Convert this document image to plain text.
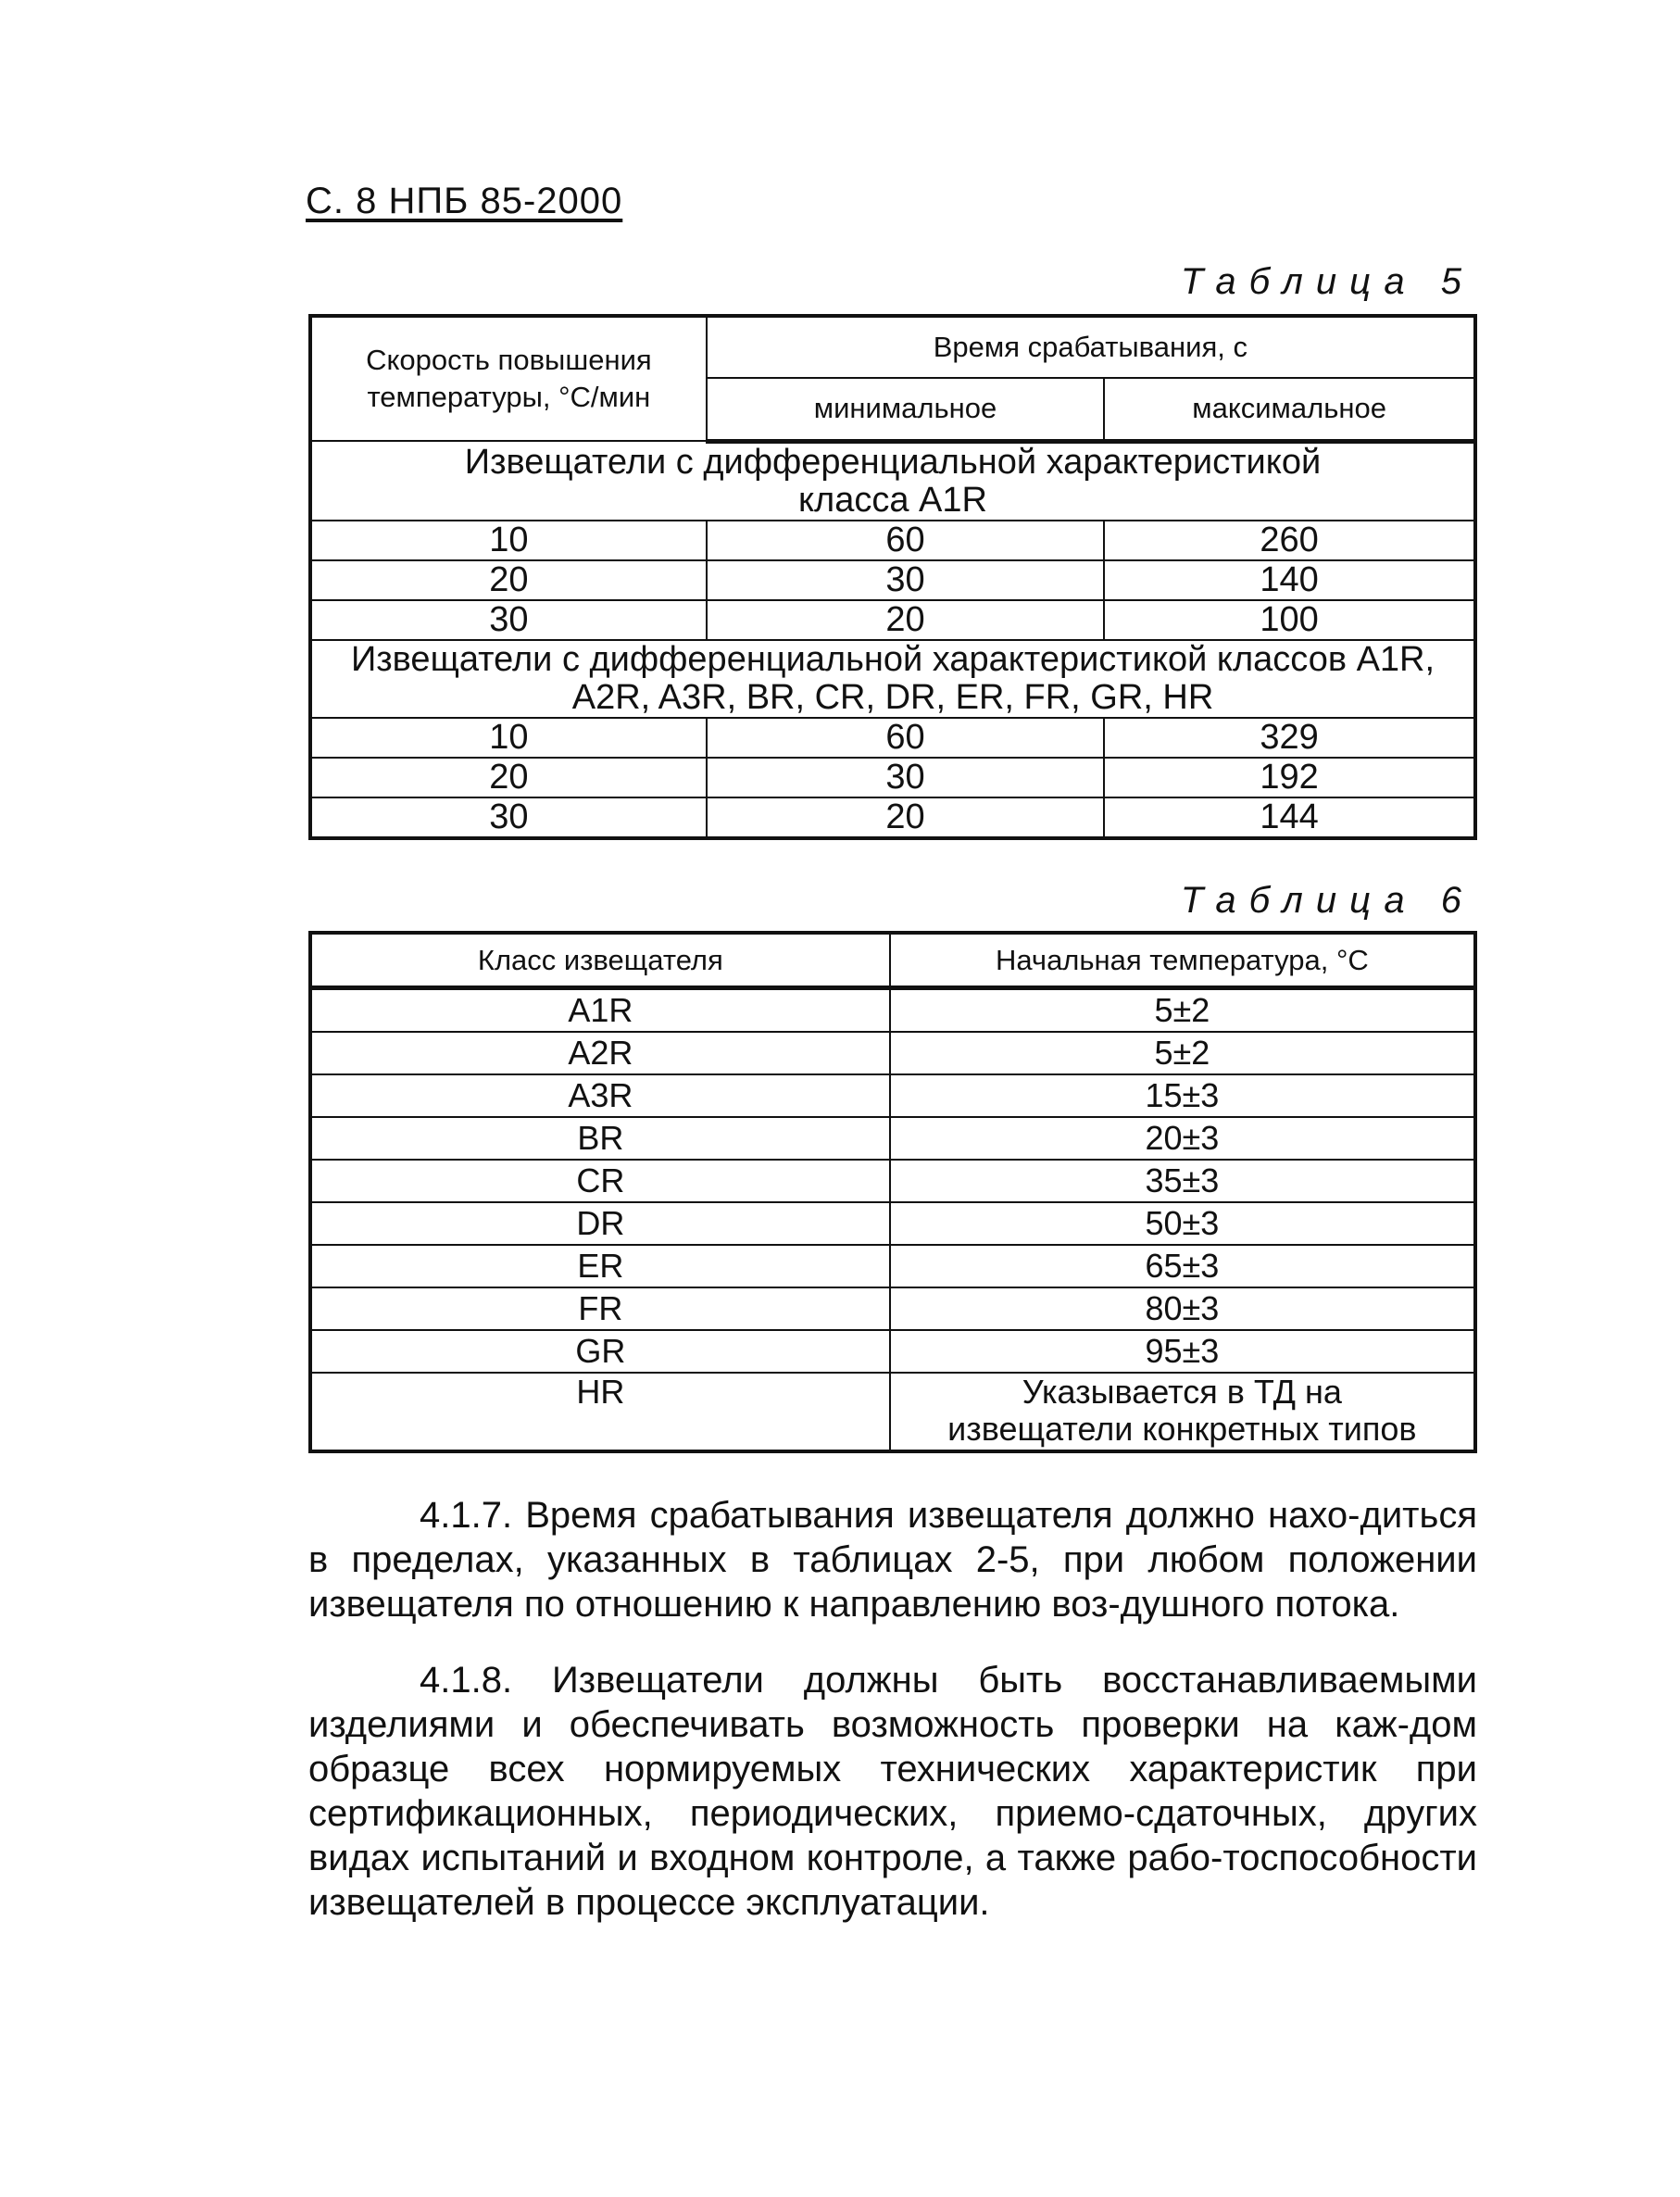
С. 8 НПБ 85-2000
Таблица 5
Скорость повышения температуры, °С/мин	Время срабатывания, с	
	минимальное	максимальное
Извещатели с дифференциальной характеристикой класса A1R		
10	60	260
20	30	140
30	20	100
Извещатели с дифференциальной характеристикой классов A1R, A2R, A3R, BR, CR, DR, ER, FR, GR, HR		
10	60	329
20	30	192
30	20	144
Таблица 6
Класс извещателя	Начальная температура, °С
A1R	5±2
A2R	5±2
A3R	15±3
BR	20±3
CR	35±3
DR	50±3
ER	65±3
FR	80±3
GR	95±3
HR	Указывается в ТД на извещатели конкретных типов
4.1.7. Время срабатывания извещателя должно нахо-диться в пределах, указанных в таблицах 2-5, при любом положении извещателя по отношению к направлению воз-душного потока.
4.1.8. Извещатели должны быть восстанавливаемыми изделиями и обеспечивать возможность проверки на каж-дом образце всех нормируемых технических характеристик при сертификационных, периодических, приемо-сдаточных, других видах испытаний и входном контроле, а также рабо-тоспособности извещателей в процессе эксплуатации.
